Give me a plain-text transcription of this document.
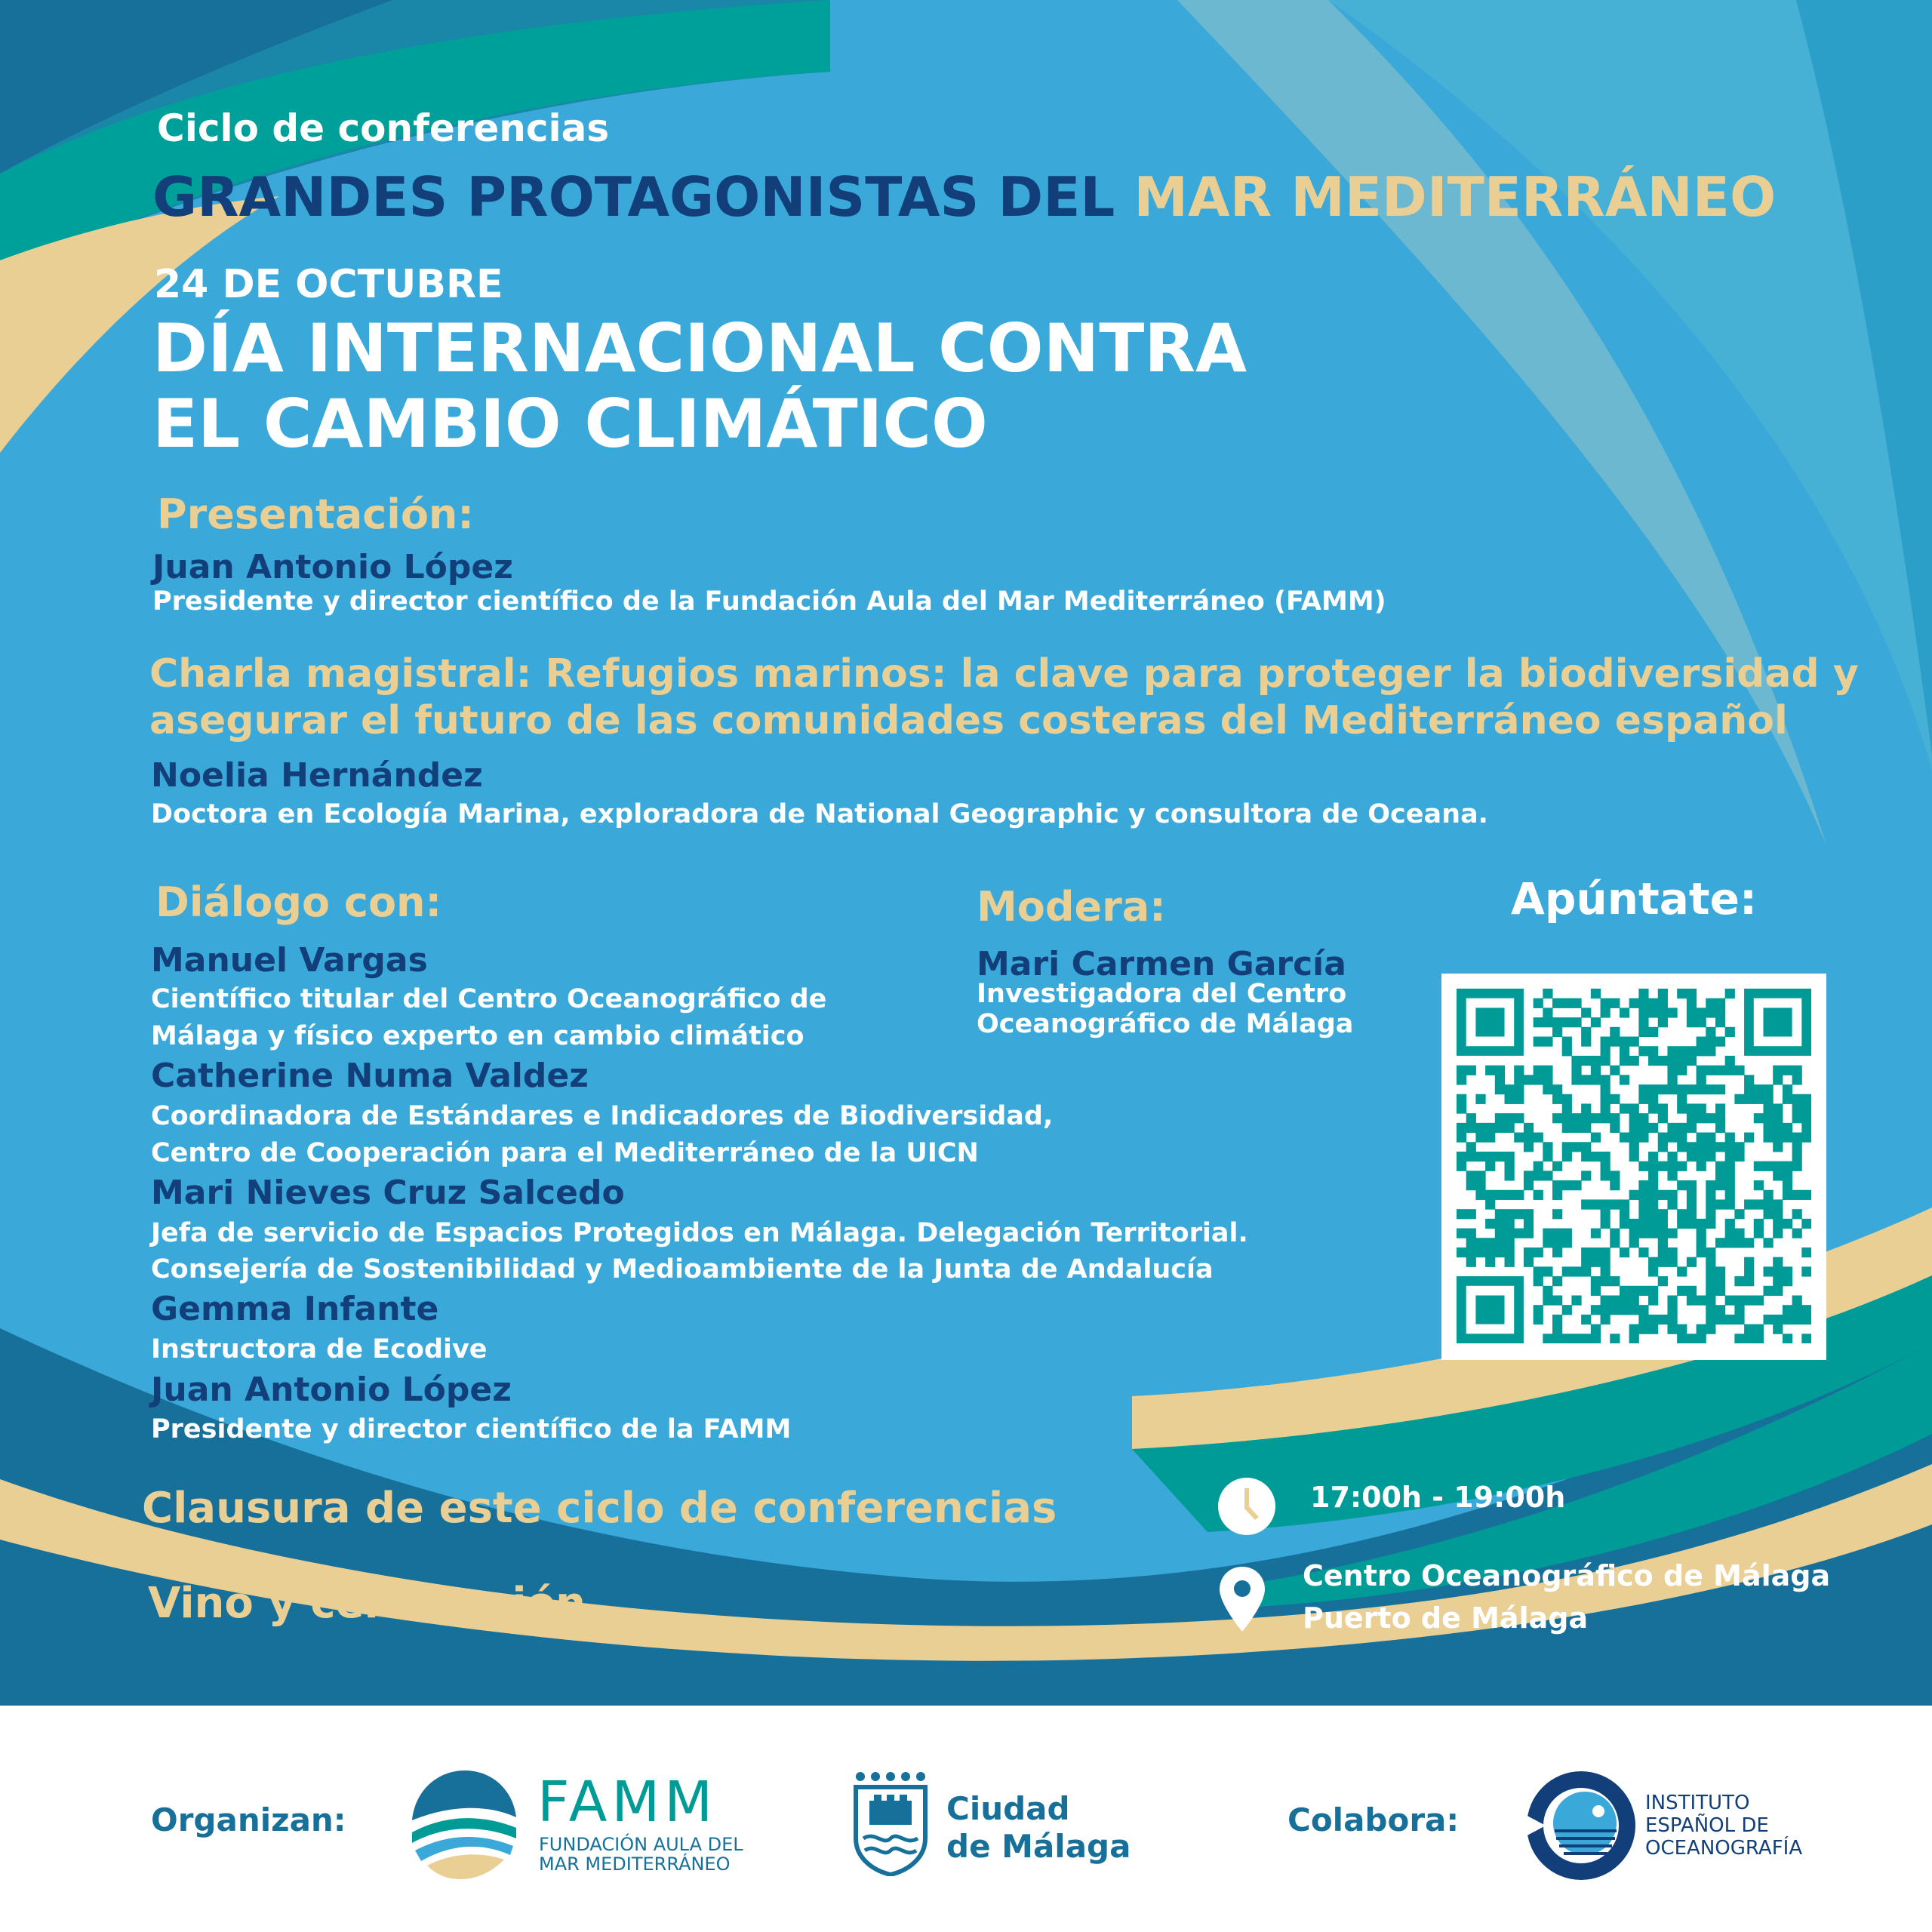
Ciclo de conferencias

GRANDES PROTAGONISTAS DEL MAR MEDITERRÁNEO

24 DE OCTUBRE

DÍA INTERNACIONAL CONTRA

EL CAMBIO CLIMÁTICO

Presentación:

Juan Antonio López

Presidente y director científico de la Fundación Aula del Mar Mediterráneo (FAMM)

Charla magistral: Refugios marinos: la clave para proteger la biodiversidad y

asegurar el futuro de las comunidades costeras del Mediterráneo español

Noelia Hernández

Doctora en Ecología Marina, exploradora de National Geographic y consultora de Oceana.

Diálogo con:

Manuel Vargas

Científico titular del Centro Oceanográfico de

Málaga y físico experto en cambio climático

Catherine Numa Valdez

Coordinadora de Estándares e Indicadores de Biodiversidad,

Centro de Cooperación para el Mediterráneo de la UICN

Mari Nieves Cruz Salcedo

Jefa de servicio de Espacios Protegidos en Málaga. Delegación Territorial.

Consejería de Sostenibilidad y Medioambiente de la Junta de Andalucía

Gemma Infante

Instructora de Ecodive

Juan Antonio López

Presidente y director científico de la FAMM

Modera:

Mari Carmen García

Investigadora del Centro

Oceanográfico de Málaga

Apúntate:

Clausura de este ciclo de conferencias

Vino y celebración

17:00h - 19:00h

Centro Oceanográfico de Málaga

Puerto de Málaga

Organizan:	FAMM

FUNDACIÓN AULA DEL

MAR MEDITERRÁNEO

Ciudad

de Málaga

Colabora:	INSTITUTO

ESPAÑOL DE

OCEANOGRAFÍA
